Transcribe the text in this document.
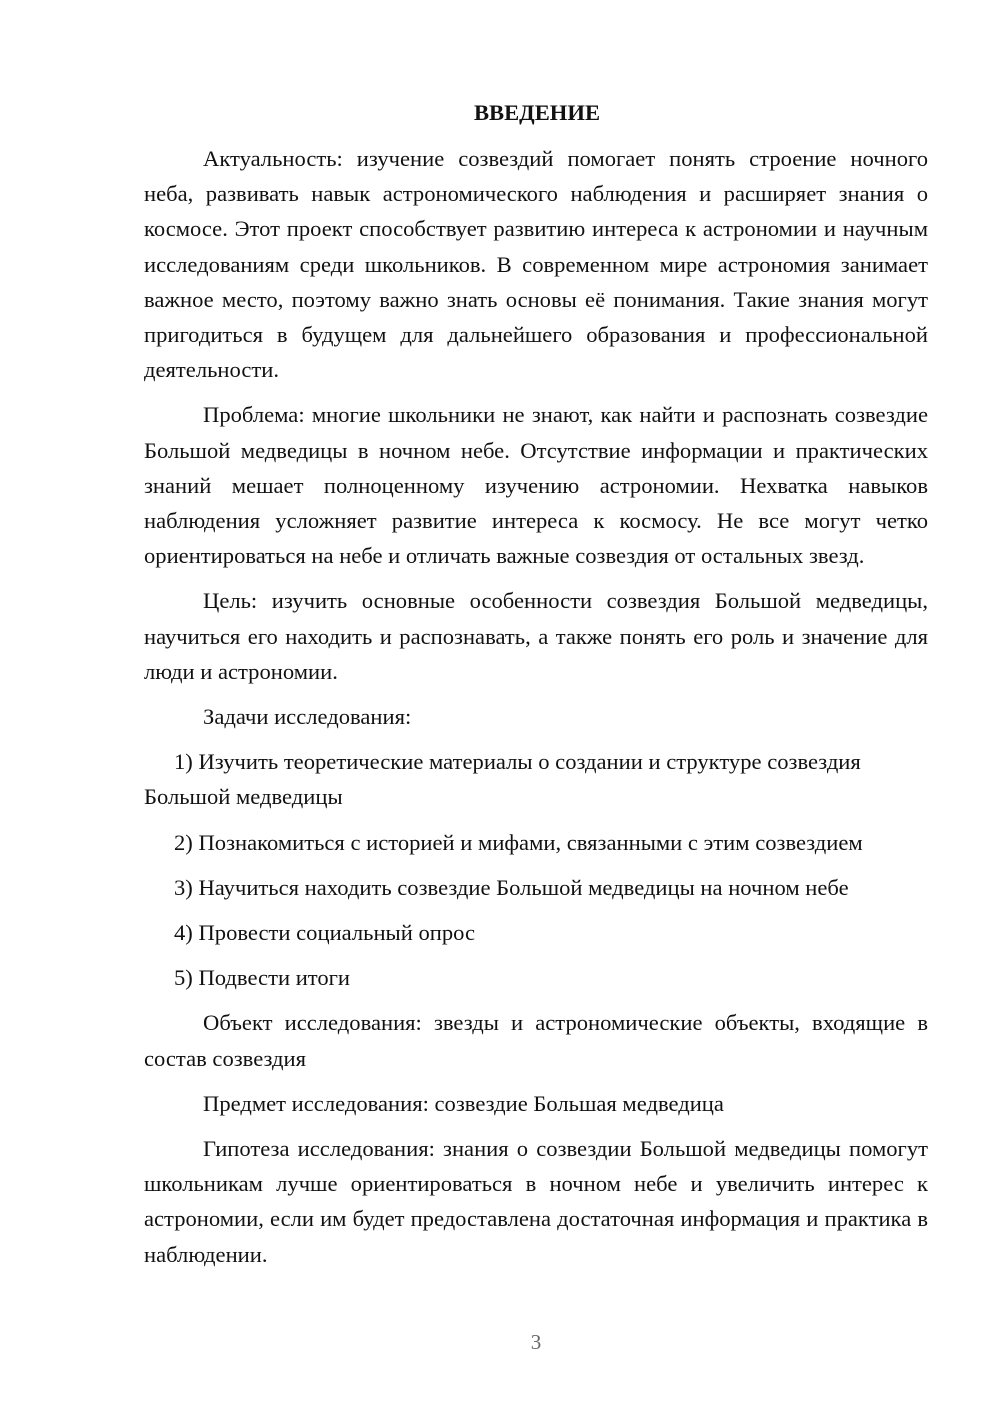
ВВЕДЕНИЕ

Актуальность: изучение созвездий помогает понять строение ночного неба, развивать навык астрономического наблюдения и расширяет знания о космосе. Этот проект способствует развитию интереса к астрономии и научным исследованиям среди школьников. В современном мире астрономия занимает важное место, поэтому важно знать основы её понимания. Такие знания могут пригодиться в будущем для дальнейшего образования и профессиональной деятельности.

Проблема: многие школьники не знают, как найти и распознать созвездие Большой медведицы в ночном небе. Отсутствие информации и практических знаний мешает полноценному изучению астрономии. Нехватка навыков наблюдения усложняет развитие интереса к космосу. Не все могут четко ориентироваться на небе и отличать важные созвездия от остальных звезд.

Цель: изучить основные особенности созвездия Большой медведицы, научиться его находить и распознавать, а также понять его роль и значение для люди и астрономии.

Задачи исследования:

1) Изучить теоретические материалы о создании и структуре созвездия Большой медведицы

2) Познакомиться с историей и мифами, связанными с этим созвездием

3) Научиться находить созвездие Большой медведицы на ночном небе

4) Провести социальный опрос

5) Подвести итоги

Объект исследования: звезды и астрономические объекты, входящие в состав созвездия

Предмет исследования: созвездие Большая медведица

Гипотеза исследования: знания о созвездии Большой медведицы помогут школьникам лучше ориентироваться в ночном небе и увеличить интерес к астрономии, если им будет предоставлена достаточная информация и практика в наблюдении.

3
